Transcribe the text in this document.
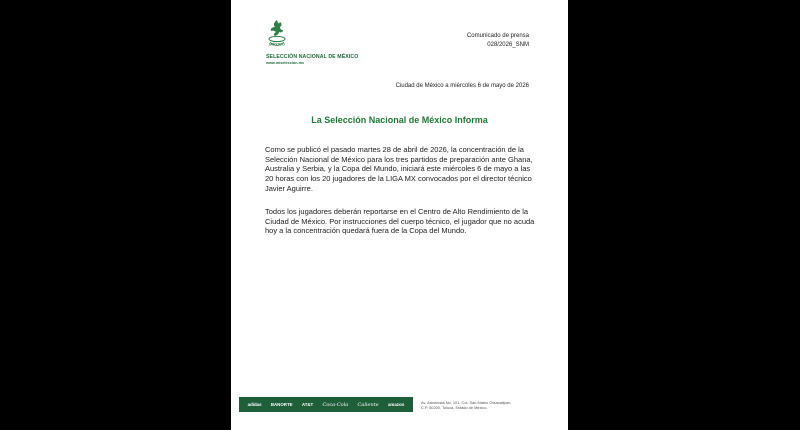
MÉXICO
SELECCIÓN NACIONAL DE MÉXICO
www.miseleccion.mx
Comunicado de prensa
028/2026_SNM
Ciudad de México a miércoles 6 de mayo de 2026
La Selección Nacional de México Informa

Como se publicó el pasado martes 28 de abril de 2026, la concentración de la Selección Nacional de México para los tres partidos de preparación ante Ghana, Australia y Serbia, y la Copa del Mundo, iniciará este miércoles 6 de mayo a las 20 horas con los 20 jugadores de la LIGA MX convocados por el director técnico Javier Aguirre.

Todos los jugadores deberán reportarse en el Centro de Alto Rendimiento de la Ciudad de México. Por instrucciones del cuerpo técnico, el jugador que no acuda hoy a la concentración quedará fuera de la Copa del Mundo.

adidas BANORTE AT&T Coca-Cola Caliente amazon	Av. Arboledas No. 101, Col. San Mateo Otzacatipan,
C.P. 50200, Toluca, Estado de México.
